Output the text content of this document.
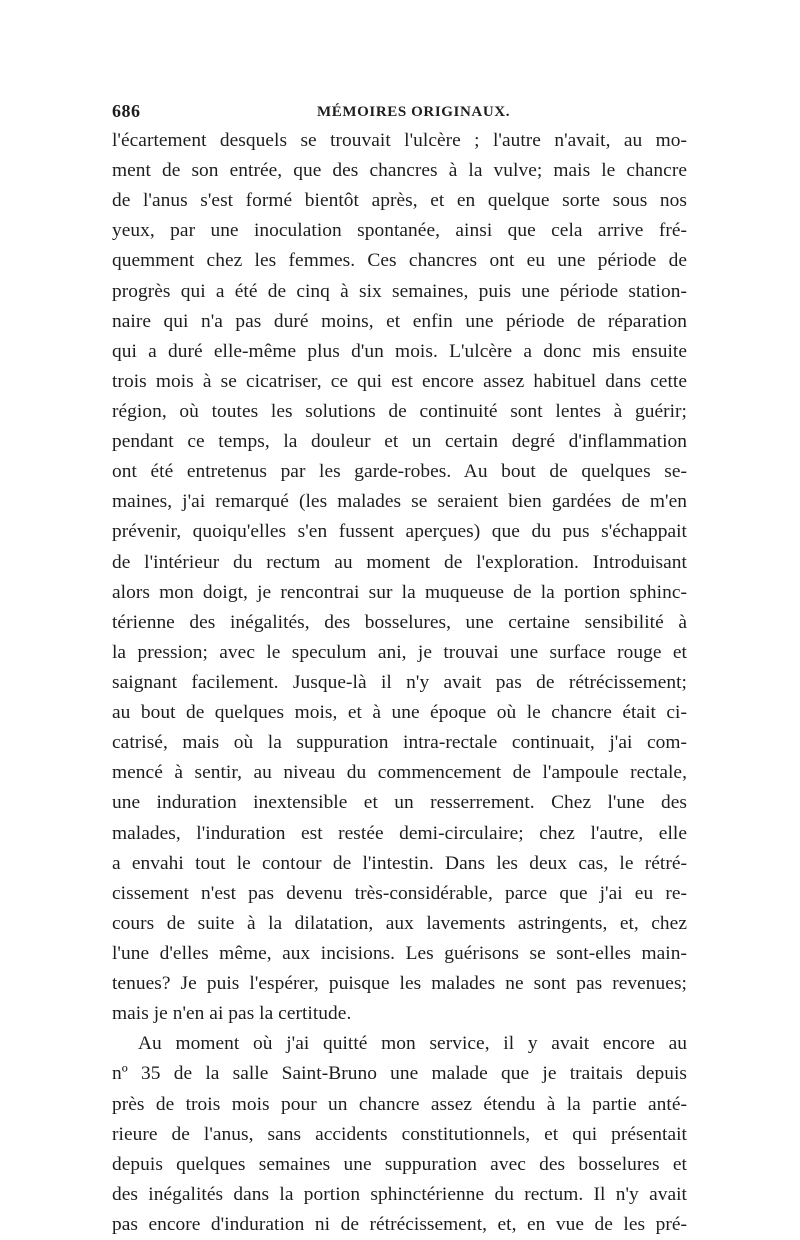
686	MÉMOIRES ORIGINAUX.
l'écartement desquels se trouvait l'ulcère ; l'autre n'avait, au mo-
ment de son entrée, que des chancres à la vulve; mais le chancre
de l'anus s'est formé bientôt après, et en quelque sorte sous nos
yeux, par une inoculation spontanée, ainsi que cela arrive fré-
quemment chez les femmes. Ces chancres ont eu une période de
progrès qui a été de cinq à six semaines, puis une période station-
naire qui n'a pas duré moins, et enfin une période de réparation
qui a duré elle-même plus d'un mois. L'ulcère a donc mis ensuite
trois mois à se cicatriser, ce qui est encore assez habituel dans cette
région, où toutes les solutions de continuité sont lentes à guérir;
pendant ce temps, la douleur et un certain degré d'inflammation
ont été entretenus par les garde-robes. Au bout de quelques se-
maines, j'ai remarqué (les malades se seraient bien gardées de m'en
prévenir, quoiqu'elles s'en fussent aperçues) que du pus s'échappait
de l'intérieur du rectum au moment de l'exploration. Introduisant
alors mon doigt, je rencontrai sur la muqueuse de la portion sphinc-
térienne des inégalités, des bosselures, une certaine sensibilité à
la pression; avec le speculum ani, je trouvai une surface rouge et
saignant facilement. Jusque-là il n'y avait pas de rétrécissement;
au bout de quelques mois, et à une époque où le chancre était ci-
catrisé, mais où la suppuration intra-rectale continuait, j'ai com-
mencé à sentir, au niveau du commencement de l'ampoule rectale,
une induration inextensible et un resserrement. Chez l'une des
malades, l'induration est restée demi-circulaire; chez l'autre, elle
a envahi tout le contour de l'intestin. Dans les deux cas, le rétré-
cissement n'est pas devenu très-considérable, parce que j'ai eu re-
cours de suite à la dilatation, aux lavements astringents, et, chez
l'une d'elles même, aux incisions. Les guérisons se sont-elles main-
tenues? Je puis l'espérer, puisque les malades ne sont pas revenues;
mais je n'en ai pas la certitude.
Au moment où j'ai quitté mon service, il y avait encore au
nº 35 de la salle Saint-Bruno une malade que je traitais depuis
près de trois mois pour un chancre assez étendu à la partie anté-
rieure de l'anus, sans accidents constitutionnels, et qui présentait
depuis quelques semaines une suppuration avec des bosselures et
des inégalités dans la portion sphinctérienne du rectum. Il n'y avait
pas encore d'induration ni de rétrécissement, et, en vue de les pré-
